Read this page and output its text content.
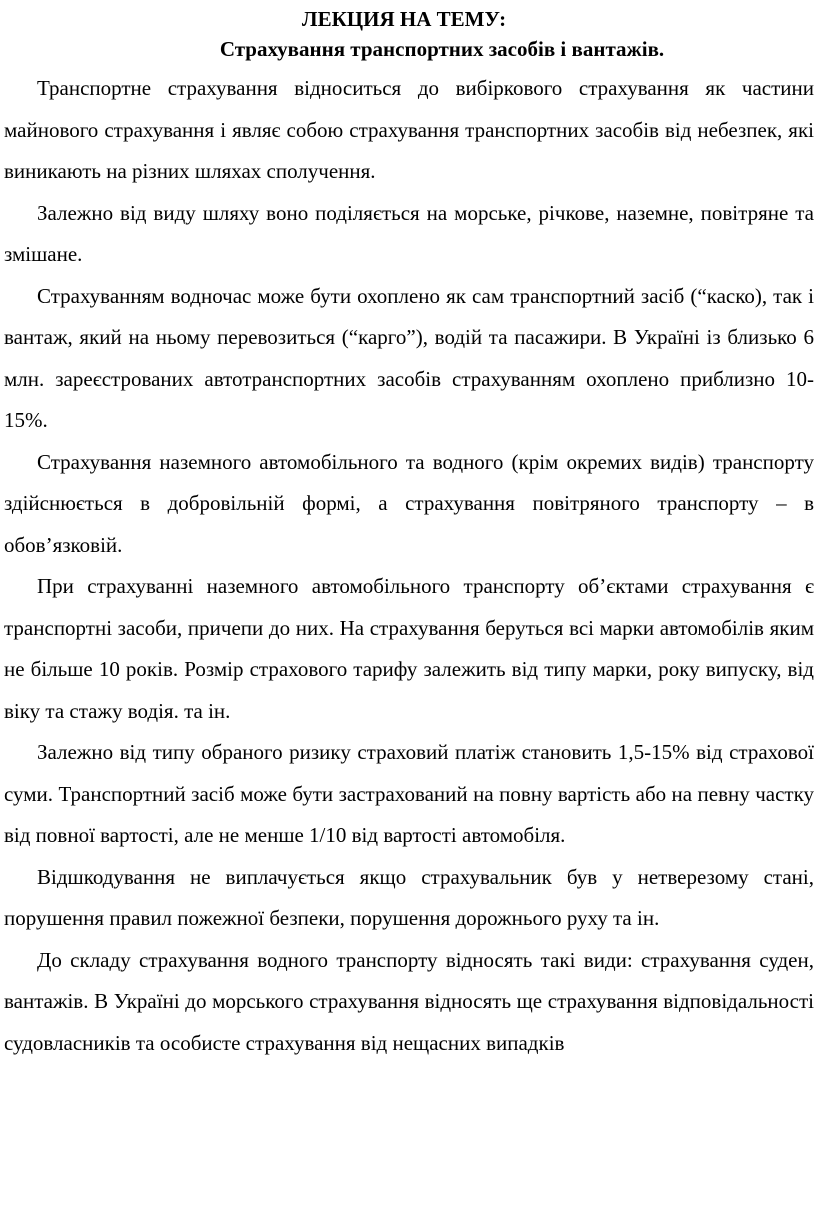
ЛЕКЦИЯ НА ТЕМУ:
Страхування транспортних засобів і вантажів.

Транспортне страхування відноситься до вибіркового страхування як частини майнового страхування і являє собою страхування транспортних засобів від небезпек, які виникають на різних шляхах сполучення.

Залежно від виду шляху воно поділяється на морське, річкове, наземне, повітряне та змішане.

Страхуванням водночас може бути охоплено як сам транспортний засіб (“каско), так і вантаж, який на ньому перевозиться (“карго”), водій та пасажири. В Україні із близько 6 млн. зареєстрованих автотранспортних засобів страхуванням охоплено приблизно 10-15%.

Страхування наземного автомобільного та водного (крім окремих видів) транспорту здійснюється в добровільній формі, а страхування повітряного транспорту – в обов’язковій.

При страхуванні наземного автомобільного транспорту об’єктами страхування є транспортні засоби, причепи до них. На страхування беруться всі марки автомобілів яким не більше 10 років. Розмір страхового тарифу залежить від типу марки, року випуску, від віку та стажу водія. та ін.

Залежно від типу обраного ризику страховий платіж становить 1,5-15% від страхової суми. Транспортний засіб може бути застрахований на повну вартість або на певну частку від повної вартості, але не менше 1/10 від вартості автомобіля.

Відшкодування не виплачується якщо страхувальник був у нетверезому стані, порушення правил пожежної безпеки, порушення дорожнього руху та ін.

До складу страхування водного транспорту відносять такі види: страхування суден, вантажів. В Україні до морського страхування відносять ще страхування відповідальності судовласників та особисте страхування від нещасних випадків
